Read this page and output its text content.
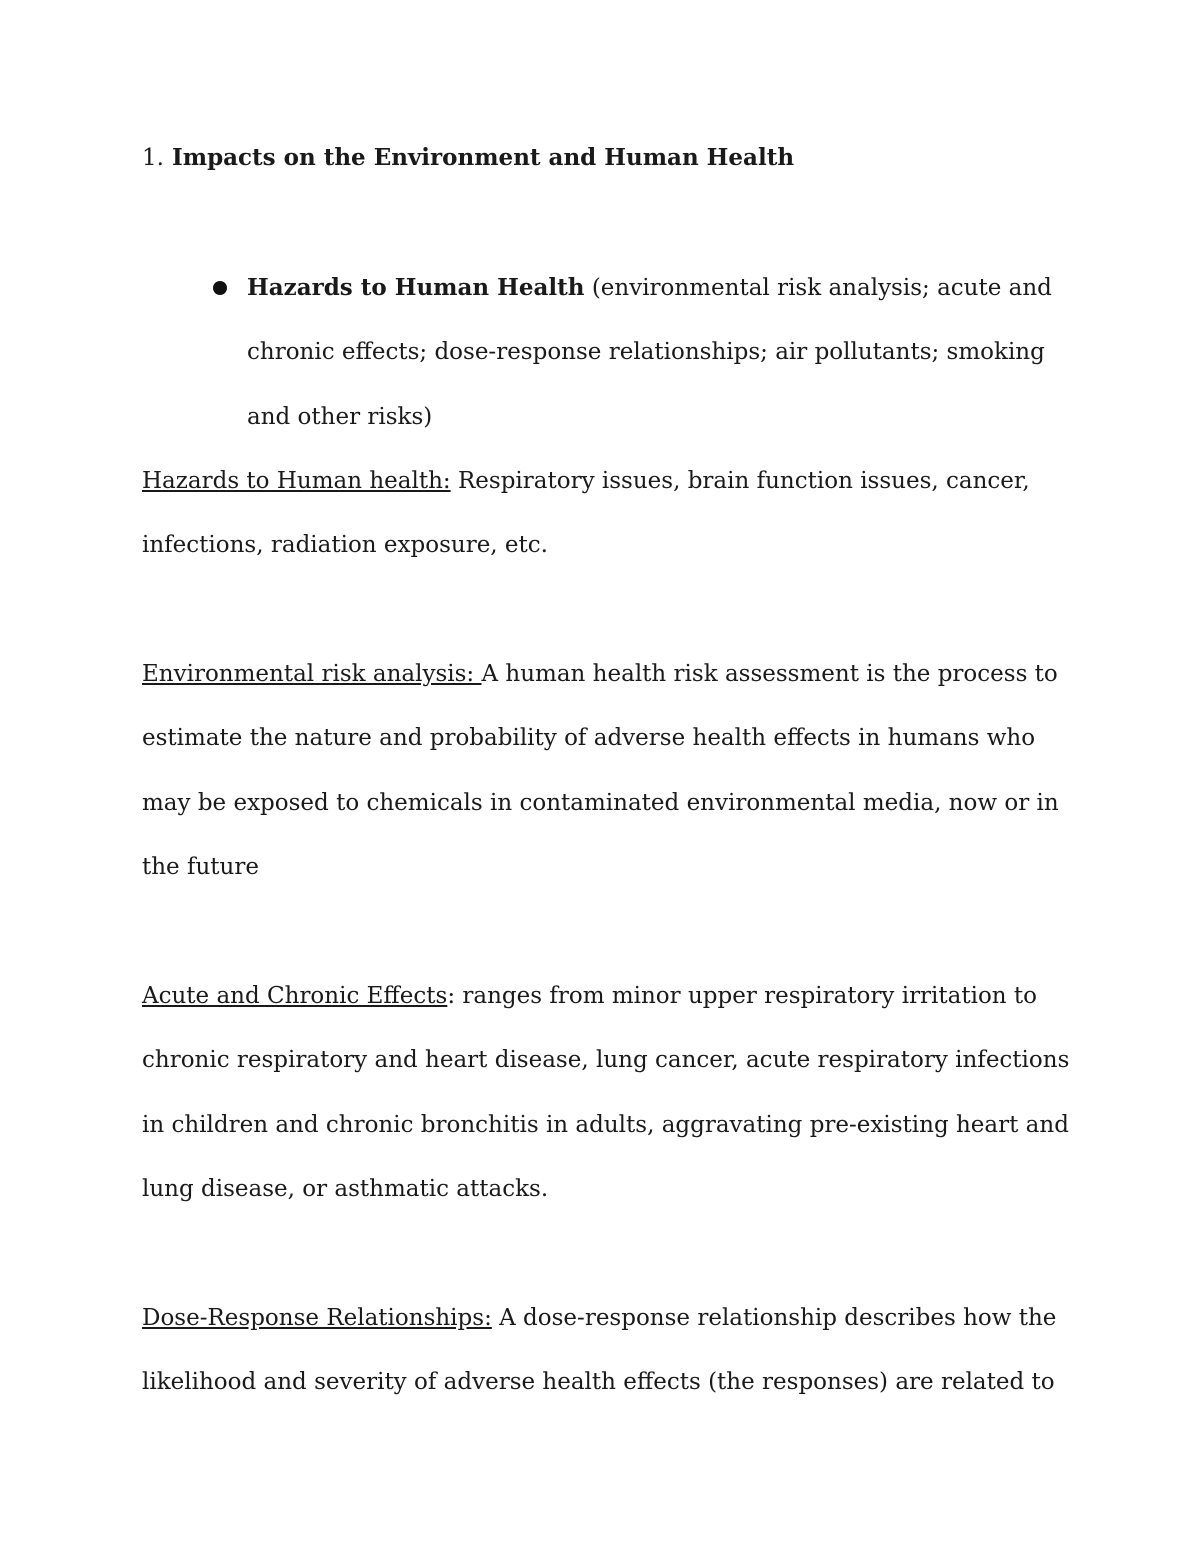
1. Impacts on the Environment and Human Health
Hazards to Human Health (environmental risk analysis; acute and
chronic effects; dose-response relationships; air pollutants; smoking
and other risks)
Hazards to Human health: Respiratory issues, brain function issues, cancer,
infections, radiation exposure, etc.
Environmental risk analysis: A human health risk assessment is the process to
estimate the nature and probability of adverse health effects in humans who
may be exposed to chemicals in contaminated environmental media, now or in
the future
Acute and Chronic Effects: ranges from minor upper respiratory irritation to
chronic respiratory and heart disease, lung cancer, acute respiratory infections
in children and chronic bronchitis in adults, aggravating pre-existing heart and
lung disease, or asthmatic attacks.
Dose-Response Relationships: A dose-response relationship describes how the
likelihood and severity of adverse health effects (the responses) are related to
